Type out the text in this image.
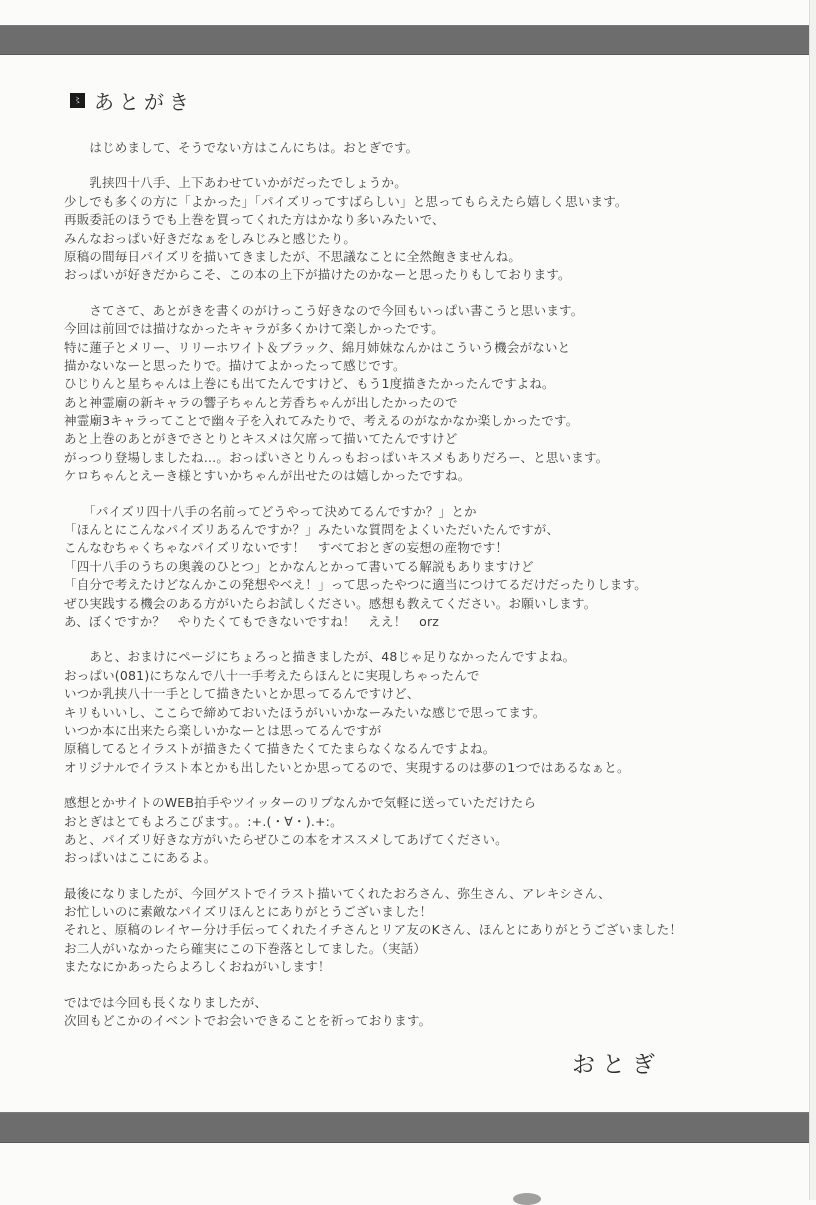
〻 あとがき
　　はじめまして、そうでない方はこんにちは。おとぎです。
　　乳挟四十八手、上下あわせていかがだったでしょうか。
少しでも多くの方に「よかった」「パイズリってすばらしい」と思ってもらえたら嬉しく思います。
再販委託のほうでも上巻を買ってくれた方はかなり多いみたいで、
みんなおっぱい好きだなぁをしみじみと感じたり。
原稿の間毎日パイズリを描いてきましたが、不思議なことに全然飽きませんね。
おっぱいが好きだからこそ、この本の上下が描けたのかなーと思ったりもしております。
　　さてさて、あとがきを書くのがけっこう好きなので今回もいっぱい書こうと思います。
今回は前回では描けなかったキャラが多くかけて楽しかったです。
特に蓮子とメリー、リリーホワイト＆ブラック、綿月姉妹なんかはこういう機会がないと
描かないなーと思ったりで。描けてよかったって感じです。
ひじりんと星ちゃんは上巻にも出てたんですけど、もう1度描きたかったんですよね。
あと神霊廟の新キャラの響子ちゃんと芳香ちゃんが出したかったので
神霊廟3キャラってことで幽々子を入れてみたりで、考えるのがなかなか楽しかったです。
あと上巻のあとがきでさとりとキスメは欠席って描いてたんですけど
がっつり登場しましたね…。おっぱいさとりんっもおっぱいキスメもありだろー、と思います。
ケロちゃんとえーき様とすいかちゃんが出せたのは嬉しかったですね。
　　「パイズリ四十八手の名前ってどうやって決めてるんですか？」とか
「ほんとにこんなパイズリあるんですか？」みたいな質問をよくいただいたんですが、
こんなむちゃくちゃなパイズリないです！　すべておとぎの妄想の産物です！
「四十八手のうちの奥義のひとつ」とかなんとかって書いてる解説もありますけど
「自分で考えたけどなんかこの発想やべえ！」って思ったやつに適当につけてるだけだったりします。
ぜひ実践する機会のある方がいたらお試しください。感想も教えてください。お願いします。
あ、ぼくですか？　やりたくてもできないですね！　ええ！　orz
　　あと、おまけにページにちょろっと描きましたが、48じゃ足りなかったんですよね。
おっぱい(081)にちなんで八十一手考えたらほんとに実現しちゃったんで
いつか乳挟八十一手として描きたいとか思ってるんですけど、
キリもいいし、ここらで締めておいたほうがいいかなーみたいな感じで思ってます。
いつか本に出来たら楽しいかなーとは思ってるんですが
原稿してるとイラストが描きたくて描きたくてたまらなくなるんですよね。
オリジナルでイラスト本とかも出したいとか思ってるので、実現するのは夢の1つではあるなぁと。
感想とかサイトのWEB拍手やツイッターのリプなんかで気軽に送っていただけたら
おとぎはとてもよろこびます。。:+.(・∀・).+:。
あと、パイズリ好きな方がいたらぜひこの本をオススメしてあげてください。
おっぱいはここにあるよ。
最後になりましたが、今回ゲストでイラスト描いてくれたおろさん、弥生さん、アレキシさん、
お忙しいのに素敵なパイズリほんとにありがとうございました！
それと、原稿のレイヤー分け手伝ってくれたイチさんとリア友のKさん、ほんとにありがとうございました！
お二人がいなかったら確実にこの下巻落としてました。（実話）
またなにかあったらよろしくおねがいします！
ではでは今回も長くなりましたが、
次回もどこかのイベントでお会いできることを祈っております。
おとぎ
